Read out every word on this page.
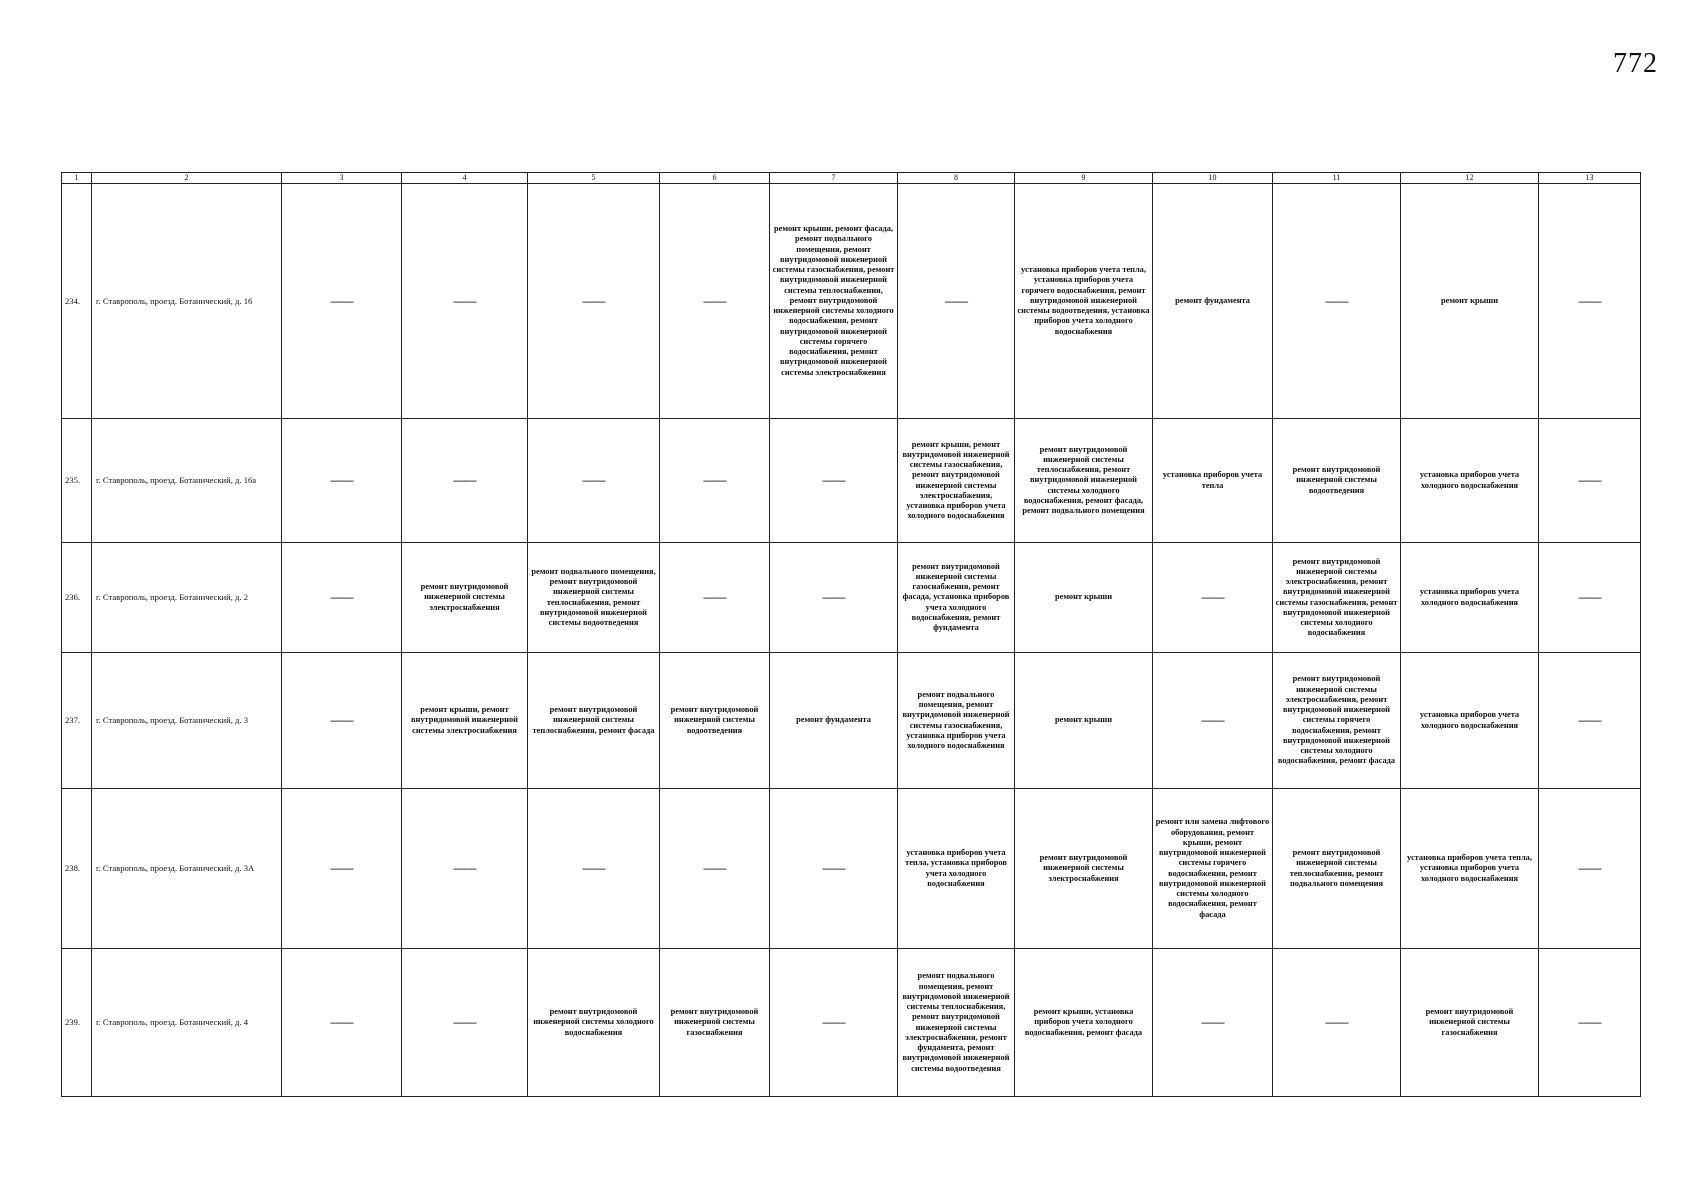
772
1	2	3	4	5	6	7	8	9	10	11	12	13
234.	г. Ставрополь, проезд. Ботанический, д. 16	——	——	——	——	ремонт крыши, ремонт фасада, ремонт подвального помещения, ремонт внутридомовой инженерной системы газоснабжения, ремонт внутридомовой инженерной системы теплоснабжения, ремонт внутридомовой инженерной системы холодного водоснабжения, ремонт внутридомовой инженерной системы горячего водоснабжения, ремонт внутридомовой инженерной системы электроснабжения	——	установка приборов учета тепла, установка приборов учета горячего водоснабжения, ремонт внутридомовой инженерной системы водоотведения, установка приборов учета холодного водоснабжения	ремонт фундамента	——	ремонт крыши	——
235.	г. Ставрополь, проезд. Ботанический, д. 16а	——	——	——	——	——	ремонт крыши, ремонт внутридомовой инженерной системы газоснабжения, ремонт внутридомовой инженерной системы электроснабжения, установка приборов учета холодного водоснабжения	ремонт внутридомовой инженерной системы теплоснабжения, ремонт внутридомовой инженерной системы холодного водоснабжения, ремонт фасада, ремонт подвального помещения	установка приборов учета тепла	ремонт внутридомовой инженерной системы водоотведения	установка приборов учета холодного водоснабжения	——
236.	г. Ставрополь, проезд. Ботанический, д. 2	——	ремонт внутридомовой инженерной системы электроснабжения	ремонт подвального помещения, ремонт внутридомовой инженерной системы теплоснабжения, ремонт внутридомовой инженерной системы водоотведения	——	——	ремонт внутридомовой инженерной системы газоснабжения, ремонт фасада, установка приборов учета холодного водоснабжения, ремонт фундамента	ремонт крыши	——	ремонт внутридомовой инженерной системы электроснабжения, ремонт внутридомовой инженерной системы газоснабжения, ремонт внутридомовой инженерной системы холодного водоснабжения	установка приборов учета холодного водоснабжения	——
237.	г. Ставрополь, проезд. Ботанический, д. 3	——	ремонт крыши, ремонт внутридомовой инженерной системы электроснабжения	ремонт внутридомовой инженерной системы теплоснабжения, ремонт фасада	ремонт внутридомовой инженерной системы водоотведения	ремонт фундамента	ремонт подвального помещения, ремонт внутридомовой инженерной системы газоснабжения, установка приборов учета холодного водоснабжения	ремонт крыши	——	ремонт внутридомовой инженерной системы электроснабжения, ремонт внутридомовой инженерной системы горячего водоснабжения, ремонт внутридомовой инженерной системы холодного водоснабжения, ремонт фасада	установка приборов учета холодного водоснабжения	——
238.	г. Ставрополь, проезд. Ботанический, д. 3А	——	——	——	——	——	установка приборов учета тепла, установка приборов учета холодного водоснабжения	ремонт внутридомовой инженерной системы электроснабжения	ремонт или замена лифтового оборудования, ремонт крыши, ремонт внутридомовой инженерной системы горячего водоснабжения, ремонт внутридомовой инженерной системы холодного водоснабжения, ремонт фасада	ремонт внутридомовой инженерной системы теплоснабжения, ремонт подвального помещения	установка приборов учета тепла, установка приборов учета холодного водоснабжения	——
239.	г. Ставрополь, проезд. Ботанический, д. 4	——	——	ремонт внутридомовой инженерной системы холодного водоснабжения	ремонт внутридомовой инженерной системы газоснабжения	——	ремонт подвального помещения, ремонт внутридомовой инженерной системы теплоснабжения, ремонт внутридомовой инженерной системы электроснабжения, ремонт фундамента, ремонт внутридомовой инженерной системы водоотведения	ремонт крыши, установка приборов учета холодного водоснабжения, ремонт фасада	——	——	ремонт внутридомовой инженерной системы газоснабжения	——
